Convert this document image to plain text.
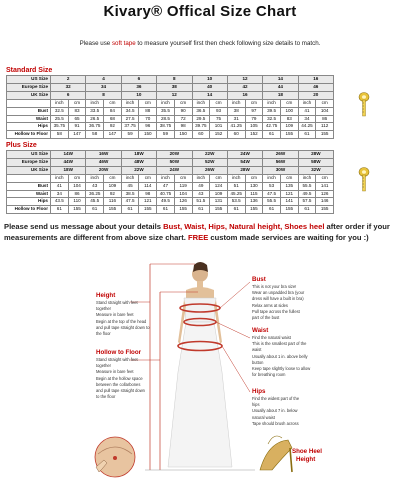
Kivary® Offical Size Chart
Please use soft tape to measure yourself first then check following size details to match.
Standard Size
US Size	2		4		6		8		10		12		14		16	
Europe Size	32		34		36		38		40		42		44		46	
UK Size	6		8		10		12		14		16		18		20	
	inch	cm	inch	cm	inch	cm	inch	cm	inch	cm	inch	cm	inch	cm	inch	cm
Bust	32.5	83	33.5	84	34.5	88	35.5	90	36.5	93	38	97	39.5	100	41	104
Waist	25.5	65	26.5	68	27.5	70	28.5	72	29.5	75	31	79	32.5	83	34	86
Hips	35.75	91	36.75	92	37.75	96	38.75	98	39.75	101	41.25	105	42.75	109	44.25	112
Hollow to Floor	58	147	58	147	59	150	59	150	60	152	60	152	61	155	61	155
Plus Size
US Size	14W		16W		18W		20W		22W		24W		26W		28W	
Europe Size	44W		46W		48W		50W		52W		54W		56W		58W	
UK Size	18W		20W		22W		24W		26W		28W		30W		32W	
	inch	cm	inch	cm	inch	cm	inch	cm	inch	cm	inch	cm	inch	cm	inch	cm
Bust	41	104	43	109	45	114	47	119	49	124	51	130	53	135	55.5	141
Waist	34	86	36.25	92	38.5	98	40.75	104	43	109	45.25	115	47.5	121	49.5	126
Hips	43.5	110	45.5	116	47.5	121	49.5	126	51.5	131	53.5	136	55.5	141	57.5	146
Hollow to Floor	61	155	61	155	61	155	61	155	61	155	61	155	61	155	61	155
Please send us message about your details Bust, Waist, Hips, Natural height, Shoes heel after order if your measurements are different from above size chart. FREE custom made services are waiting for you :)
Height
Stand straight with feet
together
Measure in bare feet
Begin at the top of the head
and pull tape straight down to
the floor
Hollow to Floor
Stand straight with feet
together
Measure in bare feet
Begin at the hollow space
between the collarbones
and pull tape straight down
to the floor
Bust
This is not your bra size!
Wear an unpadded bra (your
dress will have a built in bra)
Relax arms at sides
Pull tape across the fullest
part of the bust
Waist
Find the natural waist
This is the smallest part of the
waist
Usually about 1 in. above belly
button
Keep tape slightly loose to allow
for breathing room
Hips
Find the widest part of the
hips
Usually about 7 in. below
natural waist
Tape should brush across
Shoe Heel
Height
